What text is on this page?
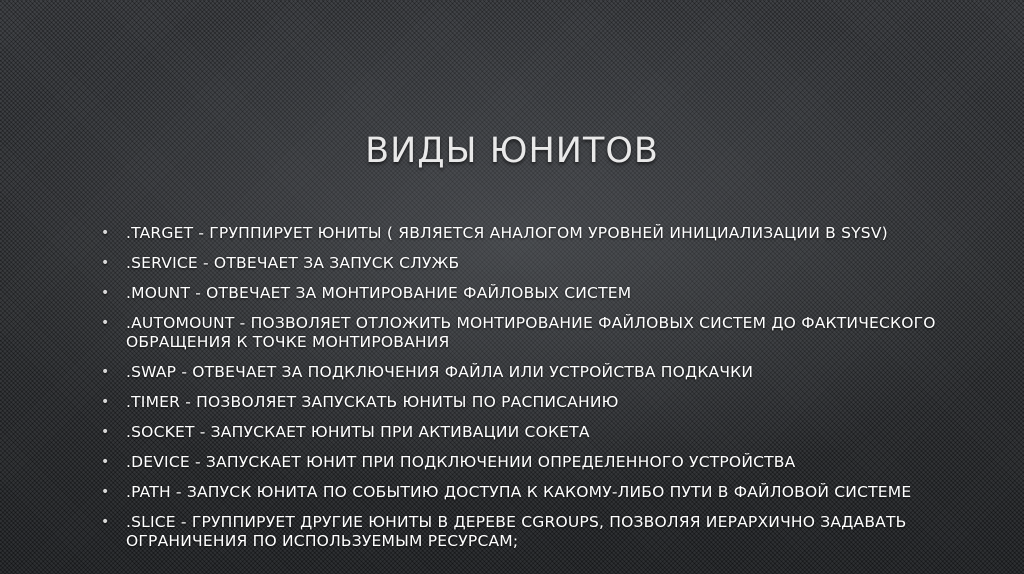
ВИДЫ ЮНИТОВ
• .TARGET - ГРУППИРУЕТ ЮНИТЫ ( ЯВЛЯЕТСЯ АНАЛОГОМ УРОВНЕЙ ИНИЦИАЛИЗАЦИИ В SYSV)
• .SERVICE - ОТВЕЧАЕТ ЗА ЗАПУСК СЛУЖБ
• .MOUNT - ОТВЕЧАЕТ ЗА МОНТИРОВАНИЕ ФАЙЛОВЫХ СИСТЕМ
• .AUTOMOUNT - ПОЗВОЛЯЕТ ОТЛОЖИТЬ МОНТИРОВАНИЕ ФАЙЛОВЫХ СИСТЕМ ДО ФАКТИЧЕСКОГО ОБРАЩЕНИЯ К ТОЧКЕ МОНТИРОВАНИЯ
• .SWAP - ОТВЕЧАЕТ ЗА ПОДКЛЮЧЕНИЯ ФАЙЛА ИЛИ УСТРОЙСТВА ПОДКАЧКИ
• .TIMER - ПОЗВОЛЯЕТ ЗАПУСКАТЬ ЮНИТЫ ПО РАСПИСАНИЮ
• .SOCKET - ЗАПУСКАЕТ ЮНИТЫ ПРИ АКТИВАЦИИ СОКЕТА
• .DEVICE - ЗАПУСКАЕТ ЮНИТ ПРИ ПОДКЛЮЧЕНИИ ОПРЕДЕЛЕННОГО УСТРОЙСТВА
• .PATH - ЗАПУСК ЮНИТА ПО СОБЫТИЮ ДОСТУПА К КАКОМУ-ЛИБО ПУТИ В ФАЙЛОВОЙ СИСТЕМЕ
• .SLICE - ГРУППИРУЕТ ДРУГИЕ ЮНИТЫ В ДЕРЕВЕ CGROUPS, ПОЗВОЛЯЯ ИЕРАРХИЧНО ЗАДАВАТЬ ОГРАНИЧЕНИЯ ПО ИСПОЛЬЗУЕМЫМ РЕСУРСАМ;
